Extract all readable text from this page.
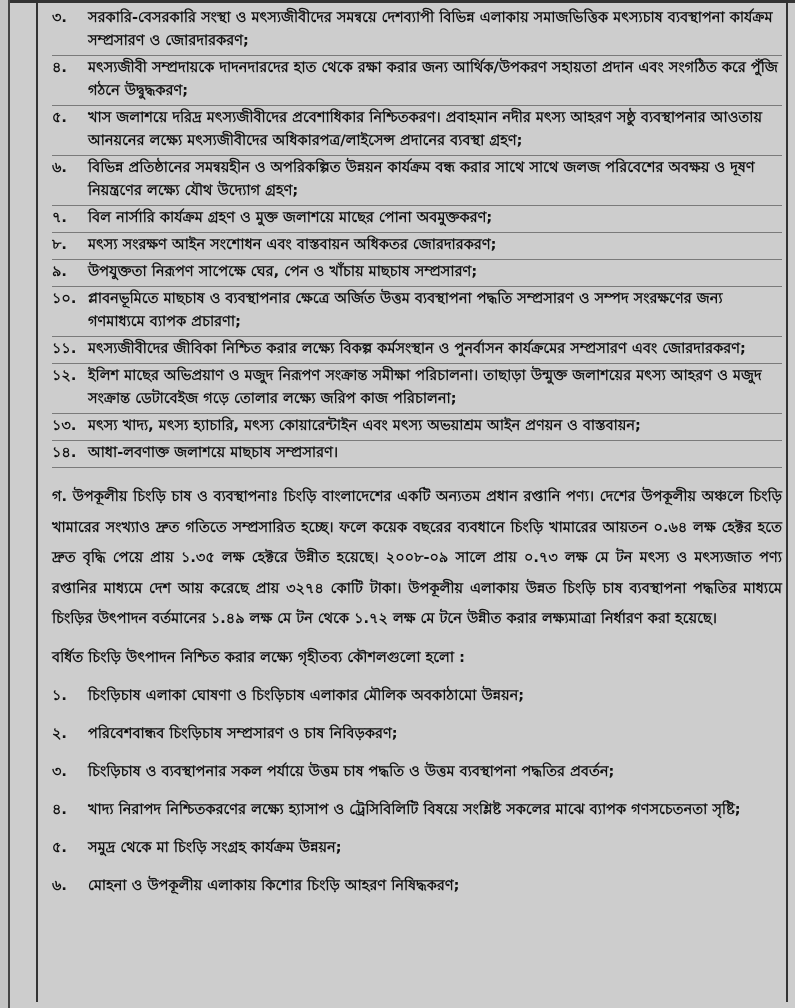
৩.	সরকারি-বেসরকারি সংস্থা ও মৎস্যজীবীদের সমন্বয়ে দেশব্যাপী বিভিন্ন এলাকায় সমাজভিত্তিক মৎস্যচাষ ব্যবস্থাপনা কার্যক্রম সম্প্রসারণ ও জোরদারকরণ;
৪.	মৎস্যজীবী সম্প্রদায়কে দাদনদারদের হাত থেকে রক্ষা করার জন্য আর্থিক/উপকরণ সহায়তা প্রদান এবং সংগঠিত করে পুঁজি গঠনে উদ্বুদ্ধকরণ;
৫.	খাস জলাশয়ে দরিদ্র মৎস্যজীবীদের প্রবেশাধিকার নিশ্চিতকরণ। প্রবাহমান নদীর মৎস্য আহরণ সষ্ঠু ব্যবস্থাপনার আওতায় আনয়নের লক্ষ্যে মৎস্যজীবীদের অধিকারপত্র/লাইসেন্স প্রদানের ব্যবস্থা গ্রহণ;
৬.	বিভিন্ন প্রতিষ্ঠানের সমন্বয়হীন ও অপরিকল্পিত উন্নয়ন কার্যক্রম বন্ধ করার সাথে সাথে জলজ পরিবেশের অবক্ষয় ও দূষণ নিয়ন্ত্রণের লক্ষ্যে যৌথ উদ্যোগ গ্রহণ;
৭.	বিল নার্সারি কার্যক্রম গ্রহণ ও মুক্ত জলাশয়ে মাছের পোনা অবমুক্তকরণ;
৮.	মৎস্য সংরক্ষণ আইন সংশোধন এবং বাস্তবায়ন অধিকতর জোরদারকরণ;
৯.	উপযুক্ততা নিরূপণ সাপেক্ষে ঘের, পেন ও খাঁচায় মাছচাষ সম্প্রসারণ;
১০. প্লাবনভূমিতে মাছচাষ ও ব্যবস্থাপনার ক্ষেত্রে অর্জিত উত্তম ব্যবস্থাপনা পদ্ধতি সম্প্রসারণ ও সম্পদ সংরক্ষণের জন্য গণমাধ্যমে ব্যাপক প্রচারণা;
১১. মৎস্যজীবীদের জীবিকা নিশ্চিত করার লক্ষ্যে বিকল্প কর্মসংস্থান ও পুনর্বাসন কার্যক্রমের সম্প্রসারণ এবং জোরদারকরণ;
১২. ইলিশ মাছের অভিপ্রয়াণ ও মজুদ নিরূপণ সংক্রান্ত সমীক্ষা পরিচালনা। তাছাড়া উন্মুক্ত জলাশয়ের মৎস্য আহরণ ও মজুদ সংক্রান্ত ডেটাবেইজ গড়ে তোলার লক্ষ্যে জরিপ কাজ পরিচালনা;
১৩. মৎস্য খাদ্য, মৎস্য হ্যাচারি, মৎস্য কোয়ারেন্টাইন এবং মৎস্য অভয়াশ্রম আইন প্রণয়ন ও বাস্তবায়ন;
১৪. আধা-লবণাক্ত জলাশয়ে মাছচাষ সম্প্রসারণ।
গ. উপকূলীয় চিংড়ি চাষ ও ব্যবস্থাপনাঃ চিংড়ি বাংলাদেশের একটি অন্যতম প্রধান রপ্তানি পণ্য। দেশের উপকূলীয় অঞ্চলে চিংড়ি খামারের সংখ্যাও দ্রুত গতিতে সম্প্রসারিত হচ্ছে। ফলে কয়েক বছরের ব্যবধানে চিংড়ি খামারের আয়তন ০.৬৪ লক্ষ হেক্টর হতে দ্রুত বৃদ্ধি পেয়ে প্রায় ১.৩৫ লক্ষ হেক্টরে উন্নীত হয়েছে। ২০০৮-০৯ সালে প্রায় ০.৭৩ লক্ষ মে টন মৎস্য ও মৎস্যজাত পণ্য রপ্তানির মাধ্যমে দেশ আয় করেছে প্রায় ৩২৭৪ কোটি টাকা। উপকূলীয় এলাকায় উন্নত চিংড়ি চাষ ব্যবস্থাপনা পদ্ধতির মাধ্যমে চিংড়ির উৎপাদন বর্তমানের ১.৪৯ লক্ষ মে টন থেকে ১.৭২ লক্ষ মে টনে উন্নীত করার লক্ষ্যমাত্রা নির্ধারণ করা হয়েছে।
বর্ধিত চিংড়ি উৎপাদন নিশ্চিত করার লক্ষ্যে গৃহীতব্য কৌশলগুলো হলো :
১.	চিংড়িচাষ এলাকা ঘোষণা ও চিংড়িচাষ এলাকার মৌলিক অবকাঠামো উন্নয়ন;
২.	পরিবেশবান্ধব চিংড়িচাষ সম্প্রসারণ ও চাষ নিবিড়করণ;
৩.	চিংড়িচাষ ও ব্যবস্থাপনার সকল পর্যায়ে উত্তম চাষ পদ্ধতি ও উত্তম ব্যবস্থাপনা পদ্ধতির প্রবর্তন;
৪.	খাদ্য নিরাপদ নিশ্চিতকরণের লক্ষ্যে হ্যাসাপ ও ট্রেসিবিলিটি বিষয়ে সংশ্লিষ্ট সকলের মাঝে ব্যাপক গণসচেতনতা সৃষ্টি;
৫.	সমুদ্র থেকে মা চিংড়ি সংগ্রহ কার্যক্রম উন্নয়ন;
৬.	মোহনা ও উপকূলীয় এলাকায় কিশোর চিংড়ি আহরণ নিষিদ্ধকরণ;
